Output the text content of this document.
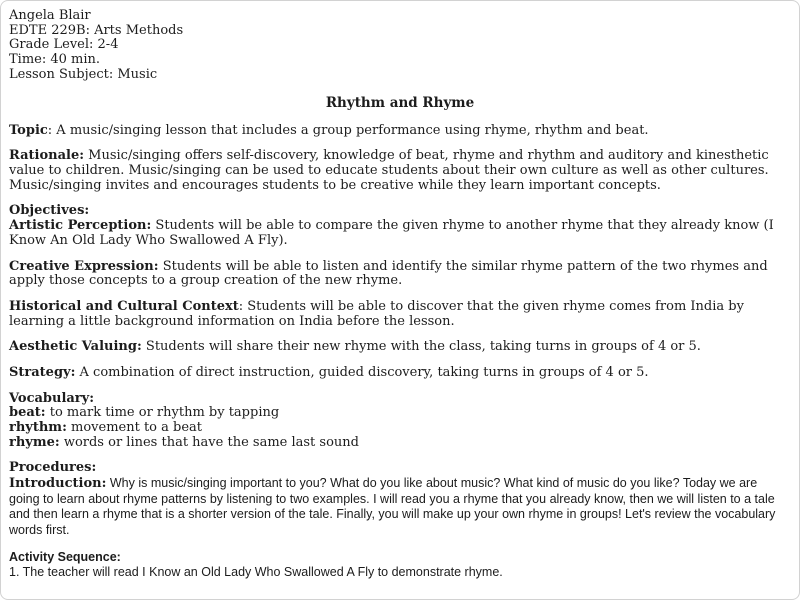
Angela Blair
EDTE 229B: Arts Methods
Grade Level: 2-4
Time: 40 min.
Lesson Subject: Music
Rhythm and Rhyme

Topic: A music/singing lesson that includes a group performance using rhyme, rhythm and beat.

Rationale: Music/singing offers self-discovery, knowledge of beat, rhyme and rhythm and auditory and kinesthetic value to children. Music/singing can be used to educate students about their own culture as well as other cultures. Music/singing invites and encourages students to be creative while they learn important concepts.

Objectives:

Artistic Perception: Students will be able to compare the given rhyme to another rhyme that they already know (I Know An Old Lady Who Swallowed A Fly).

Creative Expression: Students will be able to listen and identify the similar rhyme pattern of the two rhymes and apply those concepts to a group creation of the new rhyme.

Historical and Cultural Context: Students will be able to discover that the given rhyme comes from India by learning a little background information on India before the lesson.

Aesthetic Valuing: Students will share their new rhyme with the class, taking turns in groups of 4 or 5.

Strategy: A combination of direct instruction, guided discovery, taking turns in groups of 4 or 5.

Vocabulary:

beat: to mark time or rhythm by tapping

rhythm: movement to a beat

rhyme: words or lines that have the same last sound

Procedures:

Introduction: Why is music/singing important to you? What do you like about music? What kind of music do you like? Today we are going to learn about rhyme patterns by listening to two examples. I will read you a rhyme that you already know, then we will listen to a tale and then learn a rhyme that is a shorter version of the tale. Finally, you will make up your own rhyme in groups! Let's review the vocabulary words first.

Activity Sequence:

1. The teacher will read I Know an Old Lady Who Swallowed A Fly to demonstrate rhyme.
